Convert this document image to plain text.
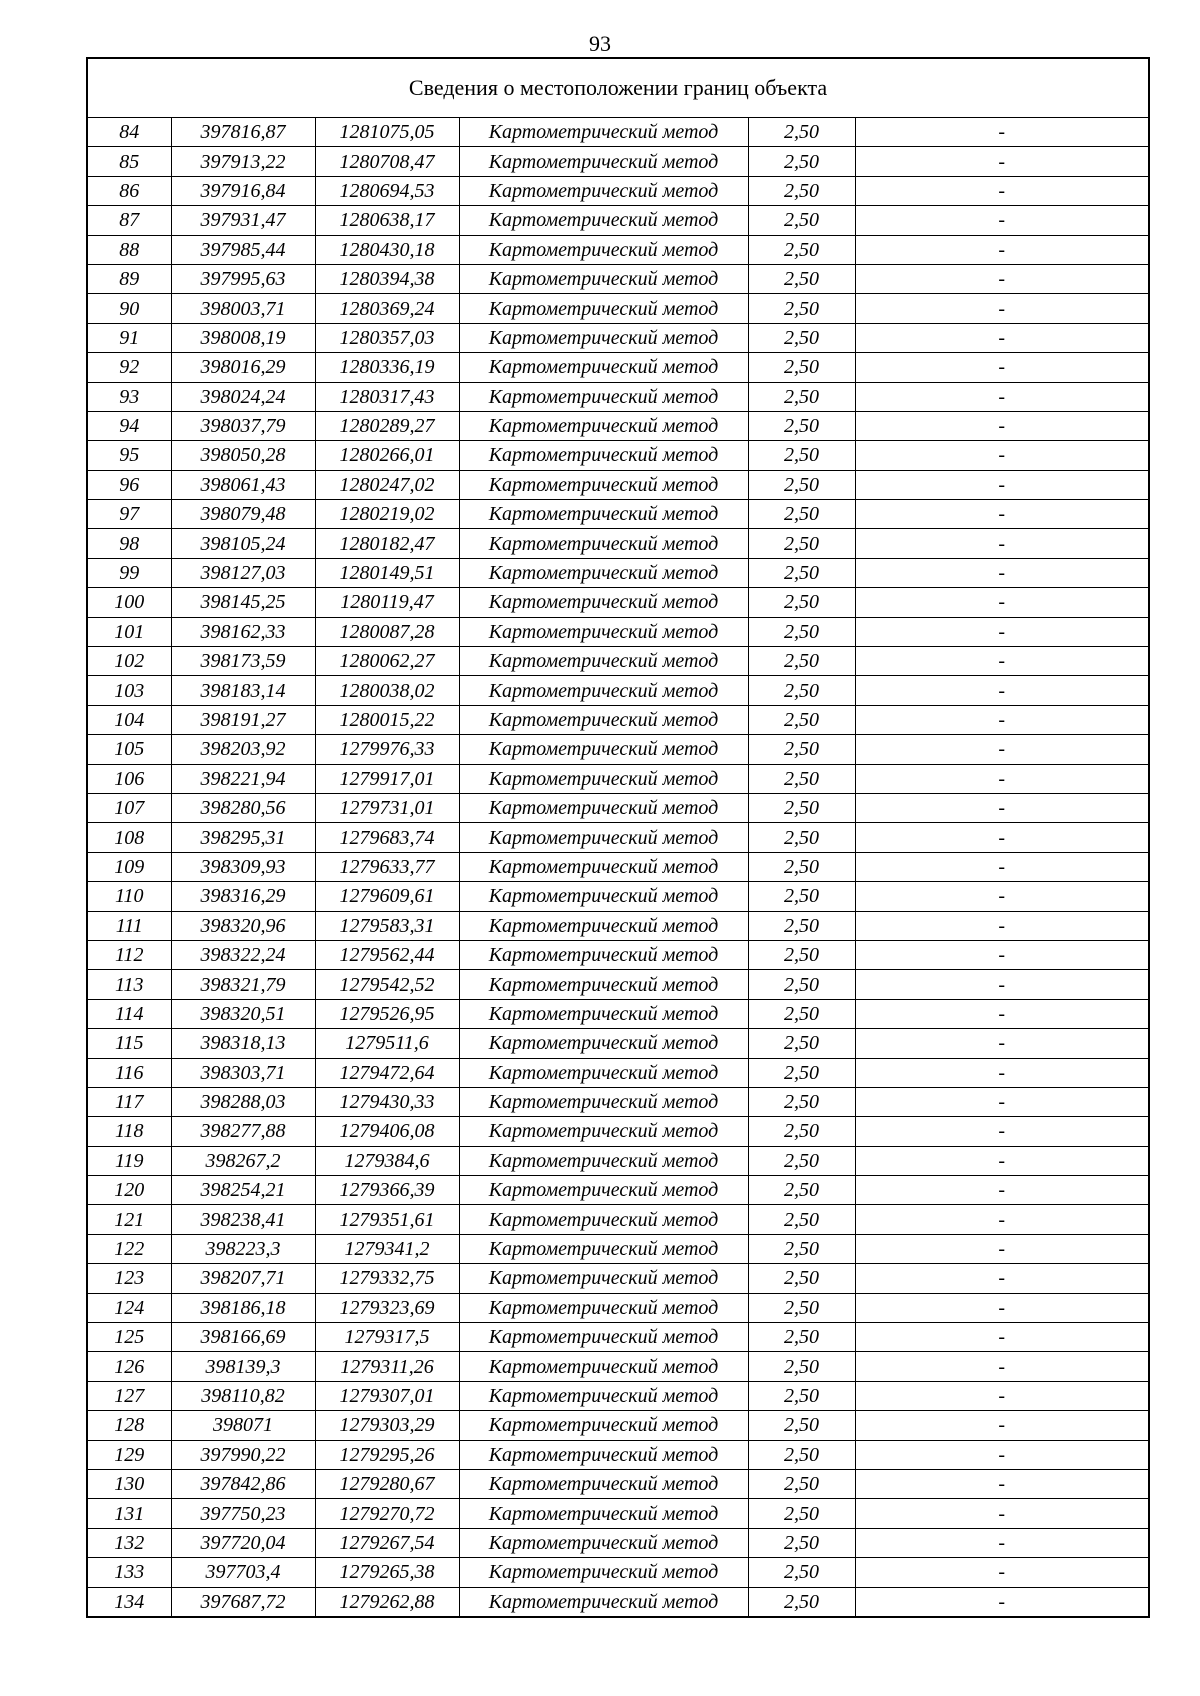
93
Сведения о местоположении границ объекта					
84	397816,87	1281075,05	Картометрический метод	2,50	-
85	397913,22	1280708,47	Картометрический метод	2,50	-
86	397916,84	1280694,53	Картометрический метод	2,50	-
87	397931,47	1280638,17	Картометрический метод	2,50	-
88	397985,44	1280430,18	Картометрический метод	2,50	-
89	397995,63	1280394,38	Картометрический метод	2,50	-
90	398003,71	1280369,24	Картометрический метод	2,50	-
91	398008,19	1280357,03	Картометрический метод	2,50	-
92	398016,29	1280336,19	Картометрический метод	2,50	-
93	398024,24	1280317,43	Картометрический метод	2,50	-
94	398037,79	1280289,27	Картометрический метод	2,50	-
95	398050,28	1280266,01	Картометрический метод	2,50	-
96	398061,43	1280247,02	Картометрический метод	2,50	-
97	398079,48	1280219,02	Картометрический метод	2,50	-
98	398105,24	1280182,47	Картометрический метод	2,50	-
99	398127,03	1280149,51	Картометрический метод	2,50	-
100	398145,25	1280119,47	Картометрический метод	2,50	-
101	398162,33	1280087,28	Картометрический метод	2,50	-
102	398173,59	1280062,27	Картометрический метод	2,50	-
103	398183,14	1280038,02	Картометрический метод	2,50	-
104	398191,27	1280015,22	Картометрический метод	2,50	-
105	398203,92	1279976,33	Картометрический метод	2,50	-
106	398221,94	1279917,01	Картометрический метод	2,50	-
107	398280,56	1279731,01	Картометрический метод	2,50	-
108	398295,31	1279683,74	Картометрический метод	2,50	-
109	398309,93	1279633,77	Картометрический метод	2,50	-
110	398316,29	1279609,61	Картометрический метод	2,50	-
111	398320,96	1279583,31	Картометрический метод	2,50	-
112	398322,24	1279562,44	Картометрический метод	2,50	-
113	398321,79	1279542,52	Картометрический метод	2,50	-
114	398320,51	1279526,95	Картометрический метод	2,50	-
115	398318,13	1279511,6	Картометрический метод	2,50	-
116	398303,71	1279472,64	Картометрический метод	2,50	-
117	398288,03	1279430,33	Картометрический метод	2,50	-
118	398277,88	1279406,08	Картометрический метод	2,50	-
119	398267,2	1279384,6	Картометрический метод	2,50	-
120	398254,21	1279366,39	Картометрический метод	2,50	-
121	398238,41	1279351,61	Картометрический метод	2,50	-
122	398223,3	1279341,2	Картометрический метод	2,50	-
123	398207,71	1279332,75	Картометрический метод	2,50	-
124	398186,18	1279323,69	Картометрический метод	2,50	-
125	398166,69	1279317,5	Картометрический метод	2,50	-
126	398139,3	1279311,26	Картометрический метод	2,50	-
127	398110,82	1279307,01	Картометрический метод	2,50	-
128	398071	1279303,29	Картометрический метод	2,50	-
129	397990,22	1279295,26	Картометрический метод	2,50	-
130	397842,86	1279280,67	Картометрический метод	2,50	-
131	397750,23	1279270,72	Картометрический метод	2,50	-
132	397720,04	1279267,54	Картометрический метод	2,50	-
133	397703,4	1279265,38	Картометрический метод	2,50	-
134	397687,72	1279262,88	Картометрический метод	2,50	-
